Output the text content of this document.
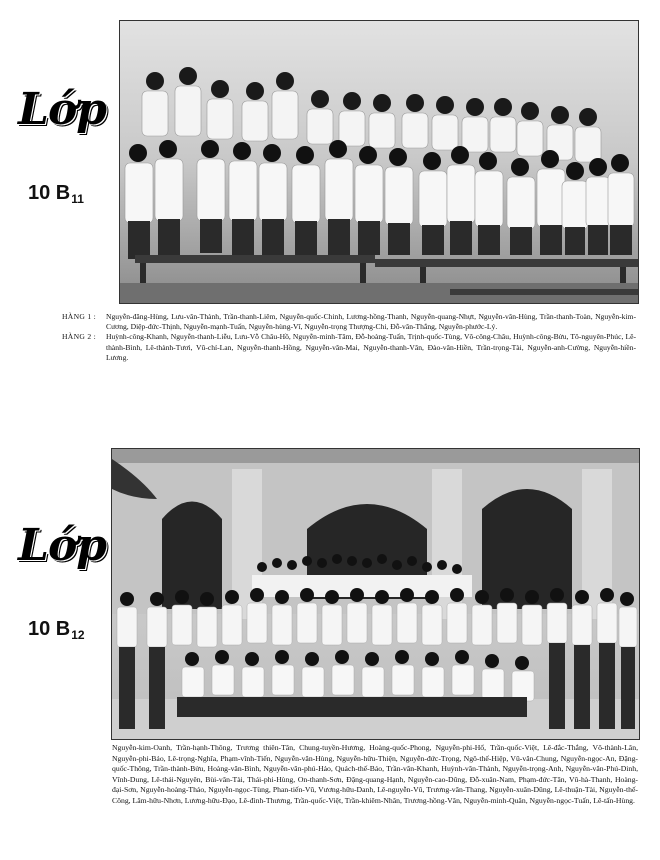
Lớp
10 $B_{11}$
HÀNG 1 :	Nguyễn-đăng-Hùng, Lưu-văn-Thành, Trần-thanh-Liêm, Nguyễn-quốc-Chinh, Lương-hồng-Thanh, Nguyễn-quang-Nhựt, Nguyễn-văn-Hùng, Trần-thanh-Toàn, Nguyễn-kim-Cương, Diệp-đức-Thịnh, Nguyễn-mạnh-Tuấn, Nguyễn-hùng-Vĩ, Nguyễn-trọng Thượng-Chi, Đỗ-văn-Thắng, Nguyễn-phước-Lý.
HÀNG 2 :	Huỳnh-công-Khanh, Nguyễn-thanh-Liễu, Lưu-Vỗ Châu-Hồ, Nguyễn-minh-Tâm, Đỗ-hoàng-Tuấn, Trịnh-quốc-Tùng, Võ-công-Châu, Huỳnh-công-Bửu, Tô-nguyên-Phúc, Lê-thành-Bình, Lê-thành-Tươi, Vũ-chí-Lan, Nguyễn-thanh-Hồng, Nguyễn-văn-Mai, Nguyễn-thanh-Vân, Đào-văn-Hiền, Trần-trọng-Tài, Nguyễn-anh-Cường, Nguyễn-hiền-Lương.
Lớp
10 $B_{12}$
Nguyễn-kim-Oanh, Trần-hạnh-Thông, Trương thiên-Tân, Chung-tuyền-Hương, Hoàng-quốc-Phong, Nguyễn-phi-Hổ, Trần-quốc-Việt, Lê-đắc-Thắng, Võ-thành-Lân, Nguyễn-phi-Bảo, Lê-trọng-Nghĩa, Phạm-vĩnh-Tiến, Nguyễn-văn-Hùng, Nguyễn-hữu-Thiện, Nguyễn-đức-Trọng, Ngô-thế-Hiệp, Vũ-văn-Chung, Nguyễn-ngọc-An, Đặng-quốc-Thông, Trần-thành-Bửu, Hoàng-văn-Bình, Nguyễn-văn-phú-Hảo, Quách-thế-Bảo, Trần-văn-Khanh, Huỳnh-văn-Thành, Nguyễn-trọng-Anh, Nguyễn-văn-Phú-Dinh, Vĩnh-Dung, Lê-thái-Nguyên, Bùi-văn-Tài, Thái-phi-Hùng, On-thanh-Sơn, Đặng-quang-Hạnh, Nguyễn-cao-Dũng, Đỗ-xuân-Nam, Phạm-đức-Tân, Vũ-hà-Thanh, Hoàng-đại-Sơn, Nguyễn-hoàng-Thảo, Nguyễn-ngọc-Tùng, Phan-tiến-Vũ, Vương-hữu-Danh, Lê-nguyễn-Vũ, Trương-văn-Thang, Nguyễn-xuân-Dũng, Lê-thuận-Tài, Nguyễn-thế-Công, Lâm-hữu-Nhơn, Lương-hữu-Đạo, Lê-đình-Thương, Trần-quốc-Việt, Trần-khiêm-Nhân, Trương-hồng-Vân, Nguyễn-minh-Quân, Nguyễn-ngọc-Tuấn, Lê-tấn-Hùng.
